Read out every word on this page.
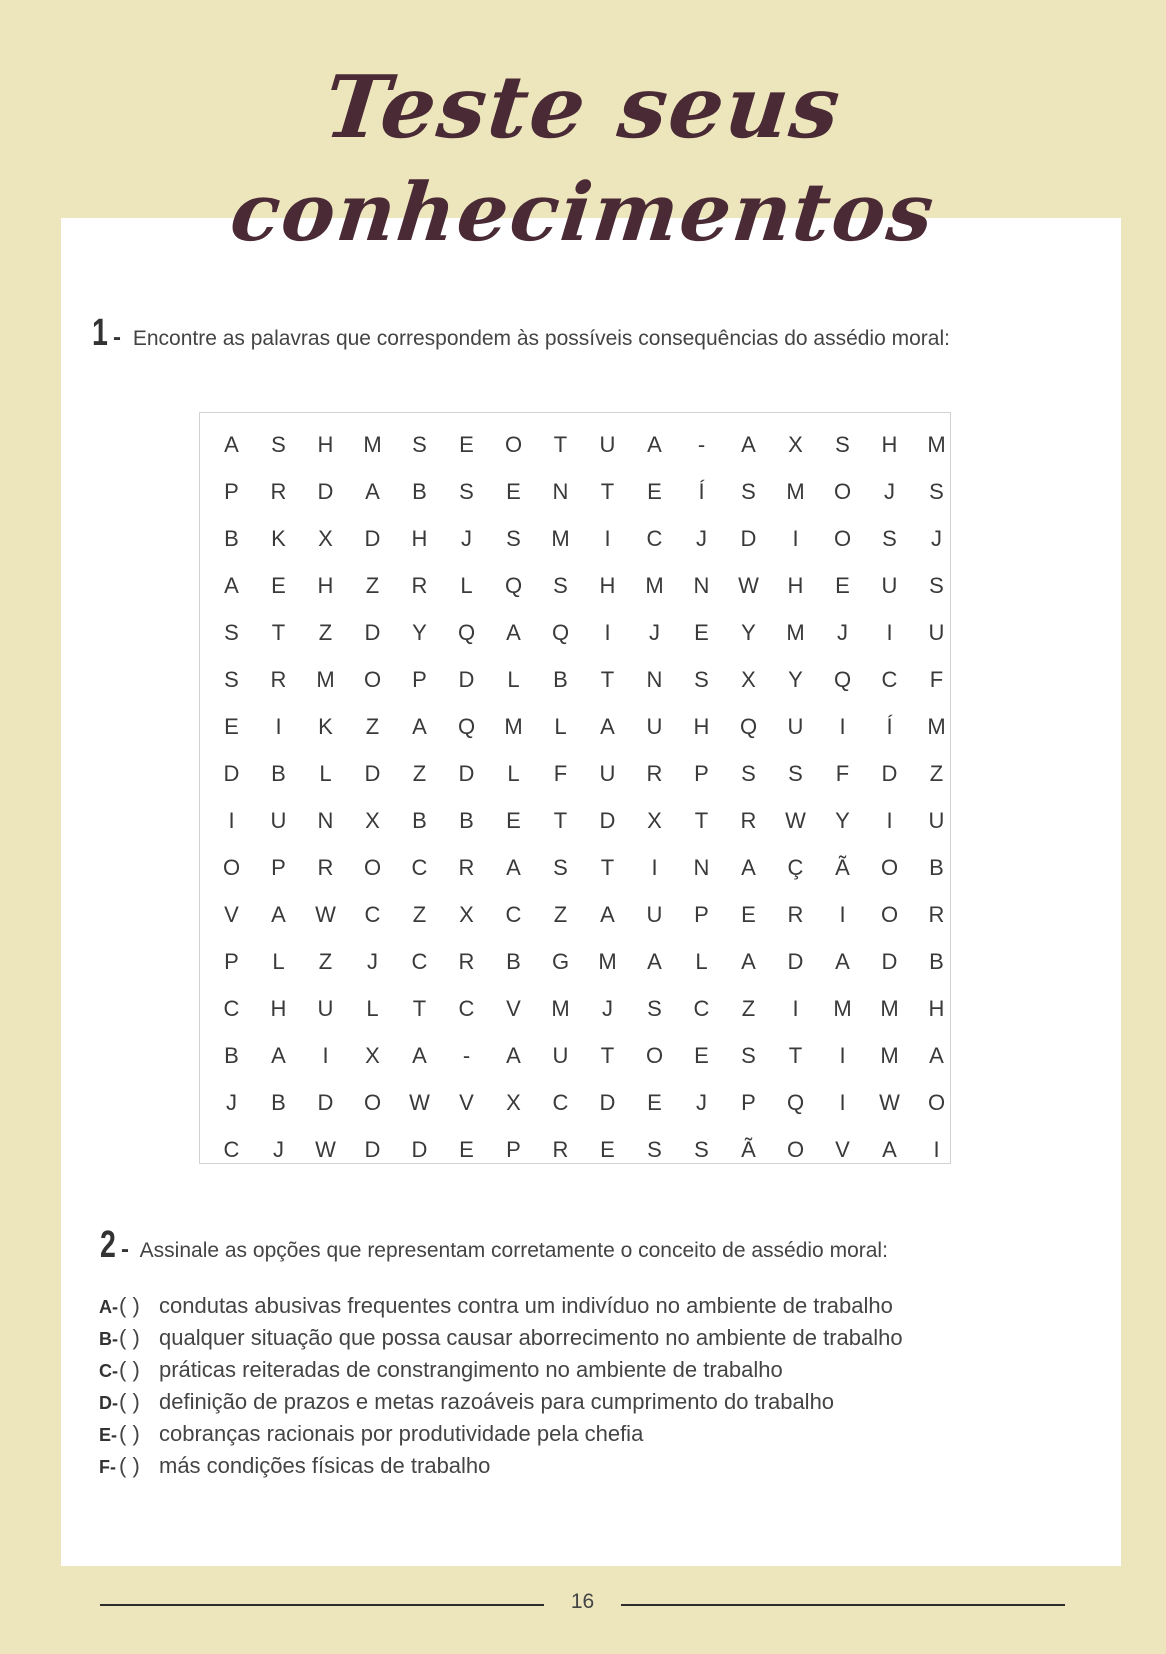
Teste seus
conhecimentos
1 - Encontre as palavras que correspondem às possíveis consequências do assédio moral:
A	S	H	M	S	E	O	T	U	A	-	A	X	S	H	M
P	R	D	A	B	S	E	N	T	E	Í	S	M	O	J	S
B	K	X	D	H	J	S	M	I	C	J	D	I	O	S	J
A	E	H	Z	R	L	Q	S	H	M	N	W	H	E	U	S
S	T	Z	D	Y	Q	A	Q	I	J	E	Y	M	J	I	U
S	R	M	O	P	D	L	B	T	N	S	X	Y	Q	C	F
E	I	K	Z	A	Q	M	L	A	U	H	Q	U	I	Í	M
D	B	L	D	Z	D	L	F	U	R	P	S	S	F	D	Z
I	U	N	X	B	B	E	T	D	X	T	R	W	Y	I	U
O	P	R	O	C	R	A	S	T	I	N	A	Ç	Ã	O	B
V	A	W	C	Z	X	C	Z	A	U	P	E	R	I	O	R
P	L	Z	J	C	R	B	G	M	A	L	A	D	A	D	B
C	H	U	L	T	C	V	M	J	S	C	Z	I	M	M	H
B	A	I	X	A	-	A	U	T	O	E	S	T	I	M	A
J	B	D	O	W	V	X	C	D	E	J	P	Q	I	W	O
C	J	W	D	D	E	P	R	E	S	S	Ã	O	V	A	I
2 - Assinale as opções que representam corretamente o conceito de assédio moral:
A-( ) condutas abusivas frequentes contra um indivíduo no ambiente de trabalho
B-( ) qualquer situação que possa causar aborrecimento no ambiente de trabalho
C-( ) práticas reiteradas de constrangimento no ambiente de trabalho
D-( ) definição de prazos e metas razoáveis para cumprimento do trabalho
E-( ) cobranças racionais por produtividade pela chefia
F- ( ) más condições físicas de trabalho
16
